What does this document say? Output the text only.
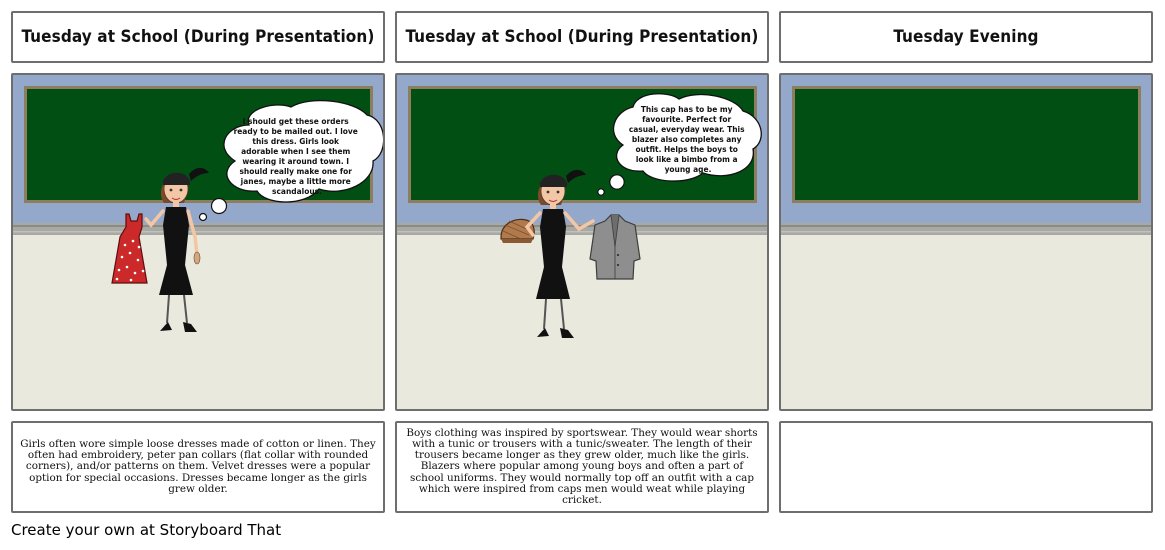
Tuesday at School (During Presentation)
I should get these orders ready to be mailed out. I love this dress. Girls look adorable when I see them wearing it around town. I should really make one for janes, maybe a little more scandalous.
Girls often wore simple loose dresses made of cotton or linen. They often had embroidery, peter pan collars (flat collar with rounded corners), and/or patterns on them. Velvet dresses were a popular option for special occasions. Dresses became longer as the girls grew older.
Tuesday at School (During Presentation)
This cap has to be my favourite. Perfect for casual, everyday wear. This blazer also completes any outfit. Helps the boys to look like a bimbo from a young age.
Boys clothing was inspired by sportswear. They would wear shorts with a tunic or trousers with a tunic/sweater. The length of their trousers became longer as they grew older, much like the girls. Blazers where popular among young boys and often a part of school uniforms. They would normally top off an outfit with a cap which were inspired from caps men would weat while playing cricket.
Tuesday Evening
Create your own at Storyboard That
